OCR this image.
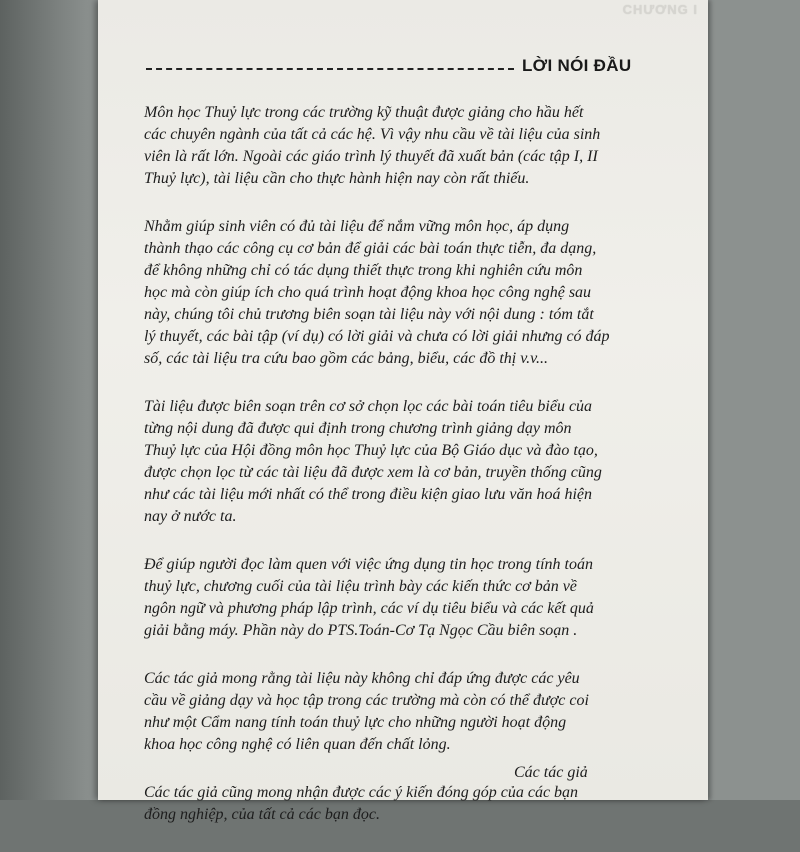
CHƯƠNG I
LỜI NÓI ĐẦU

Môn học Thuỷ lực trong các trường kỹ thuật được giảng cho hầu hết
các chuyên ngành của tất cả các hệ. Vì vậy nhu cầu về tài liệu của sinh
viên là rất lớn. Ngoài các giáo trình lý thuyết đã xuất bản (các tập I, II
Thuỷ lực), tài liệu cần cho thực hành hiện nay còn rất thiếu.

Nhằm giúp sinh viên có đủ tài liệu để nắm vững môn học, áp dụng
thành thạo các công cụ cơ bản để giải các bài toán thực tiễn, đa dạng,
để không những chỉ có tác dụng thiết thực trong khi nghiên cứu môn
học mà còn giúp ích cho quá trình hoạt động khoa học công nghệ sau
này, chúng tôi chủ trương biên soạn tài liệu này với nội dung : tóm tắt
lý thuyết, các bài tập (ví dụ) có lời giải và chưa có lời giải nhưng có đáp
số, các tài liệu tra cứu bao gồm các bảng, biểu, các đồ thị v.v...

Tài liệu được biên soạn trên cơ sở chọn lọc các bài toán tiêu biểu của
từng nội dung đã được qui định trong chương trình giảng dạy môn
Thuỷ lực của Hội đồng môn học Thuỷ lực của Bộ Giáo dục và đào tạo,
được chọn lọc từ các tài liệu đã được xem là cơ bản, truyền thống cũng
như các tài liệu mới nhất có thể trong điều kiện giao lưu văn hoá hiện
nay ở nước ta.

Để giúp người đọc làm quen với việc ứng dụng tin học trong tính toán
thuỷ lực, chương cuối của tài liệu trình bày các kiến thức cơ bản về
ngôn ngữ và phương pháp lập trình, các ví dụ tiêu biểu và các kết quả
giải bằng máy. Phần này do PTS.Toán-Cơ Tạ Ngọc Cầu biên soạn .

Các tác giả mong rằng tài liệu này không chỉ đáp ứng được các yêu
cầu về giảng dạy và học tập trong các trường mà còn có thể được coi
như một Cẩm nang tính toán thuỷ lực cho những người hoạt động
khoa học công nghệ có liên quan đến chất lỏng.

Các tác giả cũng mong nhận được các ý kiến đóng góp của các bạn
đồng nghiệp, của tất cả các bạn đọc.

Các tác giả
